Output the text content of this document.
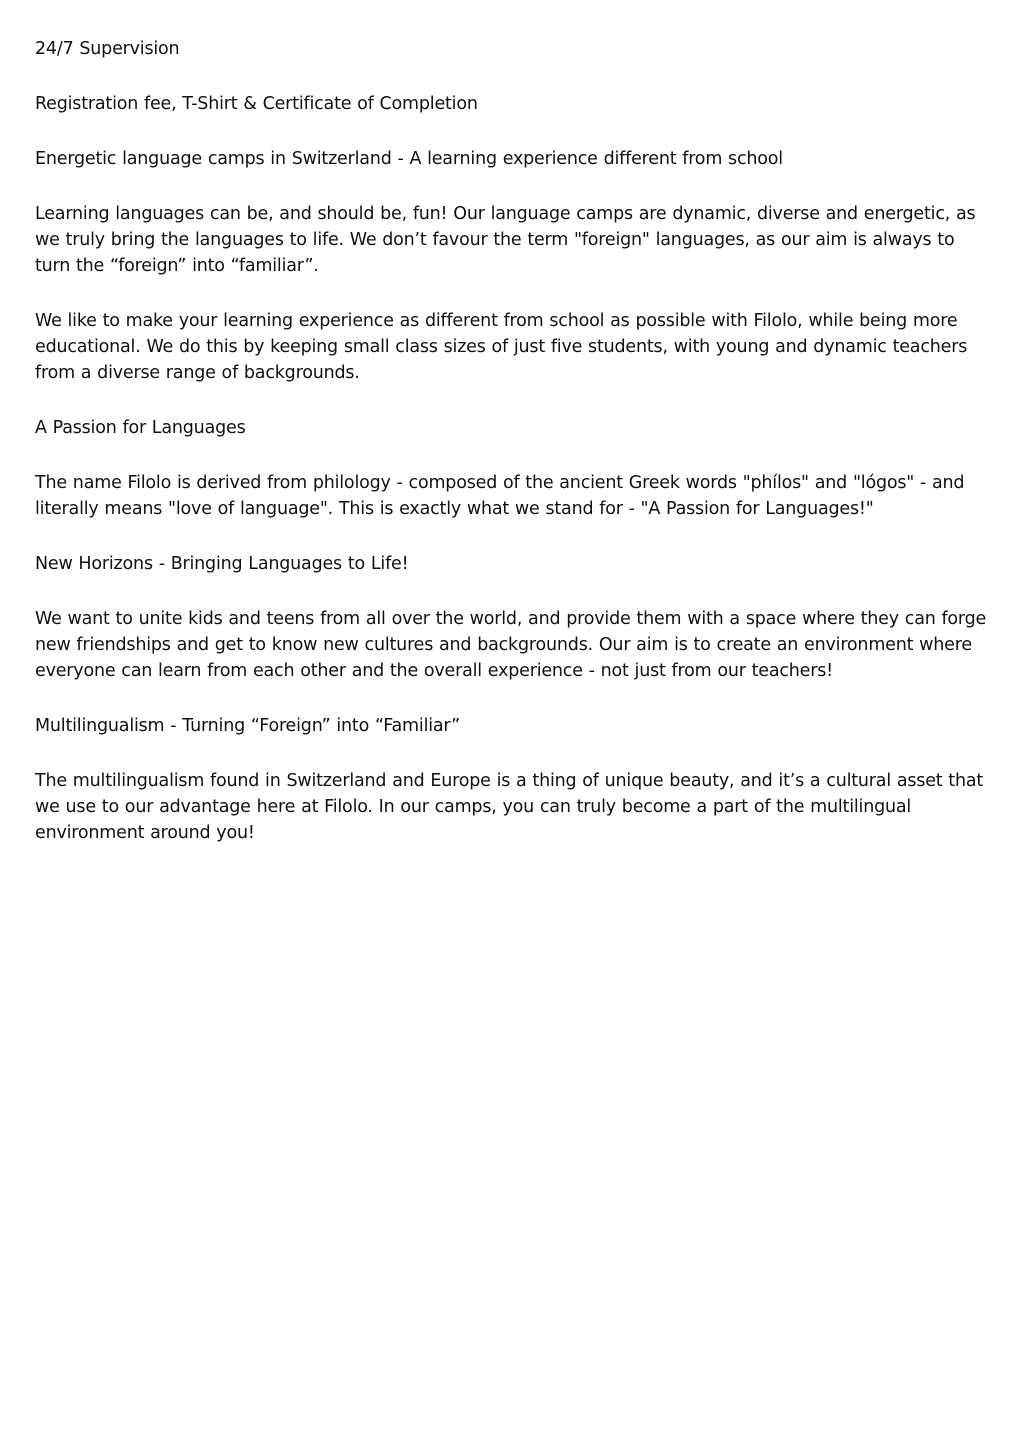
24/7 Supervision

Registration fee, T-Shirt & Certificate of Completion

Energetic language camps in Switzerland - A learning experience different from school

Learning languages can be, and should be, fun! Our language camps are dynamic, diverse and energetic, as we truly bring the languages to life. We don’t favour the term "foreign" languages, as our aim is always to turn the “foreign” into “familiar”.

We like to make your learning experience as different from school as possible with Filolo, while being more educational. We do this by keeping small class sizes of just five students, with young and dynamic teachers from a diverse range of backgrounds.

A Passion for Languages

The name Filolo is derived from philology - composed of the ancient Greek words "phílos" and "lógos" - and literally means "love of language". This is exactly what we stand for - "A Passion for Languages!"

New Horizons - Bringing Languages to Life!

We want to unite kids and teens from all over the world, and provide them with a space where they can forge new friendships and get to know new cultures and backgrounds. Our aim is to create an environment where everyone can learn from each other and the overall experience - not just from our teachers!

Multilingualism - Turning “Foreign” into “Familiar”

The multilingualism found in Switzerland and Europe is a thing of unique beauty, and it’s a cultural asset that we use to our advantage here at Filolo. In our camps, you can truly become a part of the multilingual environment around you!
